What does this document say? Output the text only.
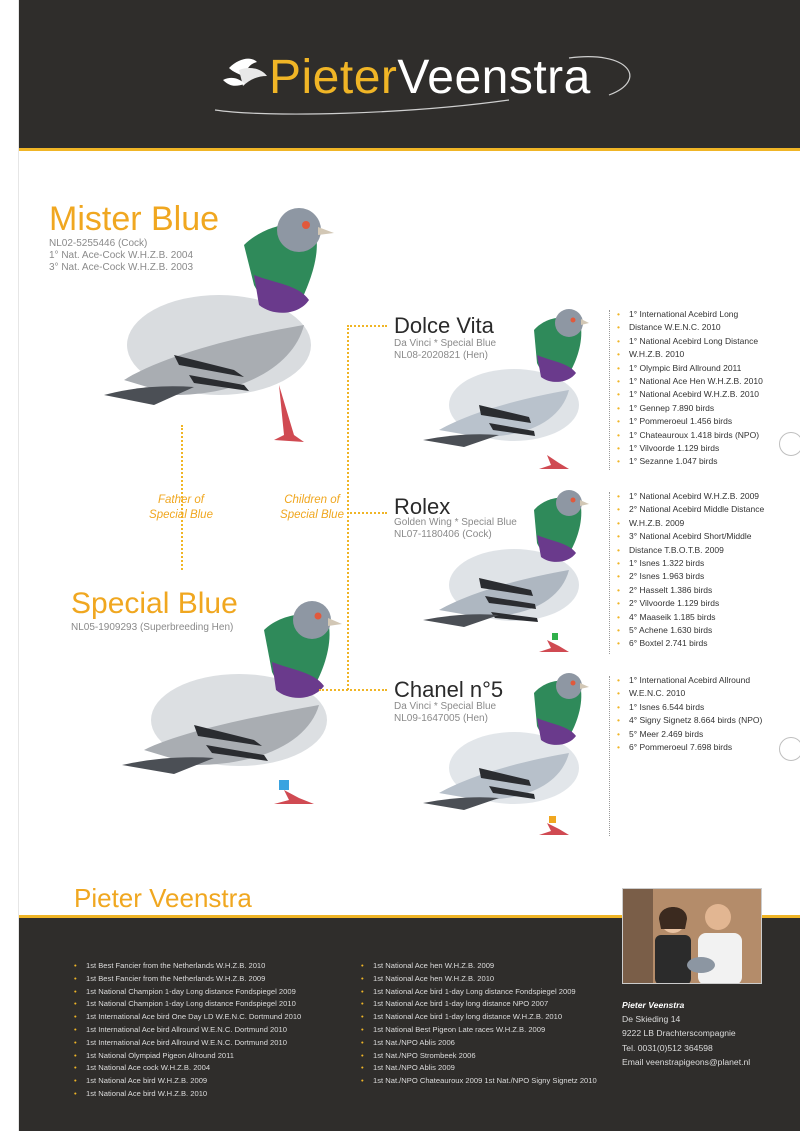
PieterVeenstra
Mister Blue
NL02-5255446 (Cock)
1° Nat. Ace-Cock W.H.Z.B. 2004
3° Nat. Ace-Cock W.H.Z.B. 2003
Special Blue
NL05-1909293 (Superbreeding Hen)
Father of
Special Blue
Children of
Special Blue
Dolce Vita
Da Vinci * Special Blue
NL08-2020821 (Hen)
• 1° International Acebird Long
• Distance W.E.N.C. 2010
• 1° National Acebird Long Distance
• W.H.Z.B. 2010
• 1° Olympic Bird Allround 2011
• 1° National Ace Hen W.H.Z.B. 2010
• 1° National Acebird W.H.Z.B. 2010
• 1° Gennep 7.890 birds
• 1° Pommeroeul 1.456 birds
• 1° Chateauroux 1.418 birds (NPO)
• 1° Vilvoorde 1.129 birds
• 1° Sezanne 1.047 birds
Rolex
Golden Wing * Special Blue
NL07-1180406 (Cock)
• 1° National Acebird W.H.Z.B. 2009
• 2° National Acebird Middle Distance
• W.H.Z.B. 2009
• 3° National Acebird Short/Middle
• Distance T.B.O.T.B. 2009
• 1° Isnes 1.322 birds
• 2° Isnes 1.963 birds
• 2° Hasselt 1.386 birds
• 2° Vilvoorde 1.129 birds
• 4° Maaseik 1.185 birds
• 5° Achene 1.630 birds
• 6° Boxtel 2.741 birds
Chanel n°5
Da Vinci * Special Blue
NL09-1647005 (Hen)
• 1° International Acebird Allround
• W.E.N.C. 2010
• 1° Isnes 6.544 birds
• 4° Signy Signetz 8.664 birds (NPO)
• 5° Meer 2.469 birds
• 6° Pommeroeul 7.698 birds
Pieter Veenstra
• 1st Best Fancier from the Netherlands W.H.Z.B. 2010
• 1st Best Fancier from the Netherlands W.H.Z.B. 2009
• 1st National Champion 1-day Long distance Fondspiegel 2009
• 1st National Champion 1-day Long distance Fondspiegel 2010
• 1st International Ace bird One Day LD W.E.N.C. Dortmund 2010
• 1st International Ace bird Allround W.E.N.C. Dortmund 2010
• 1st International Ace bird Allround W.E.N.C. Dortmund 2010
• 1st National Olympiad Pigeon Allround 2011
• 1st National Ace cock W.H.Z.B. 2004
• 1st National Ace bird W.H.Z.B. 2009
• 1st National Ace bird W.H.Z.B. 2010
• 1st National Ace hen W.H.Z.B. 2009
• 1st National Ace hen W.H.Z.B. 2010
• 1st National Ace bird 1-day Long distance Fondspiegel 2009
• 1st National Ace bird 1-day long distance NPO 2007
• 1st National Ace bird 1-day long distance W.H.Z.B. 2010
• 1st National Best Pigeon Late races W.H.Z.B. 2009
• 1st Nat./NPO Ablis 2006
• 1st Nat./NPO Strombeek 2006
• 1st Nat./NPO Ablis 2009
• 1st Nat./NPO Chateauroux 2009 1st Nat./NPO Signy Signetz 2010
Pieter Veenstra
De Skieding 14
9222 LB Drachterscompagnie
Tel. 0031(0)512 364598
Email veenstrapigeons@planet.nl
